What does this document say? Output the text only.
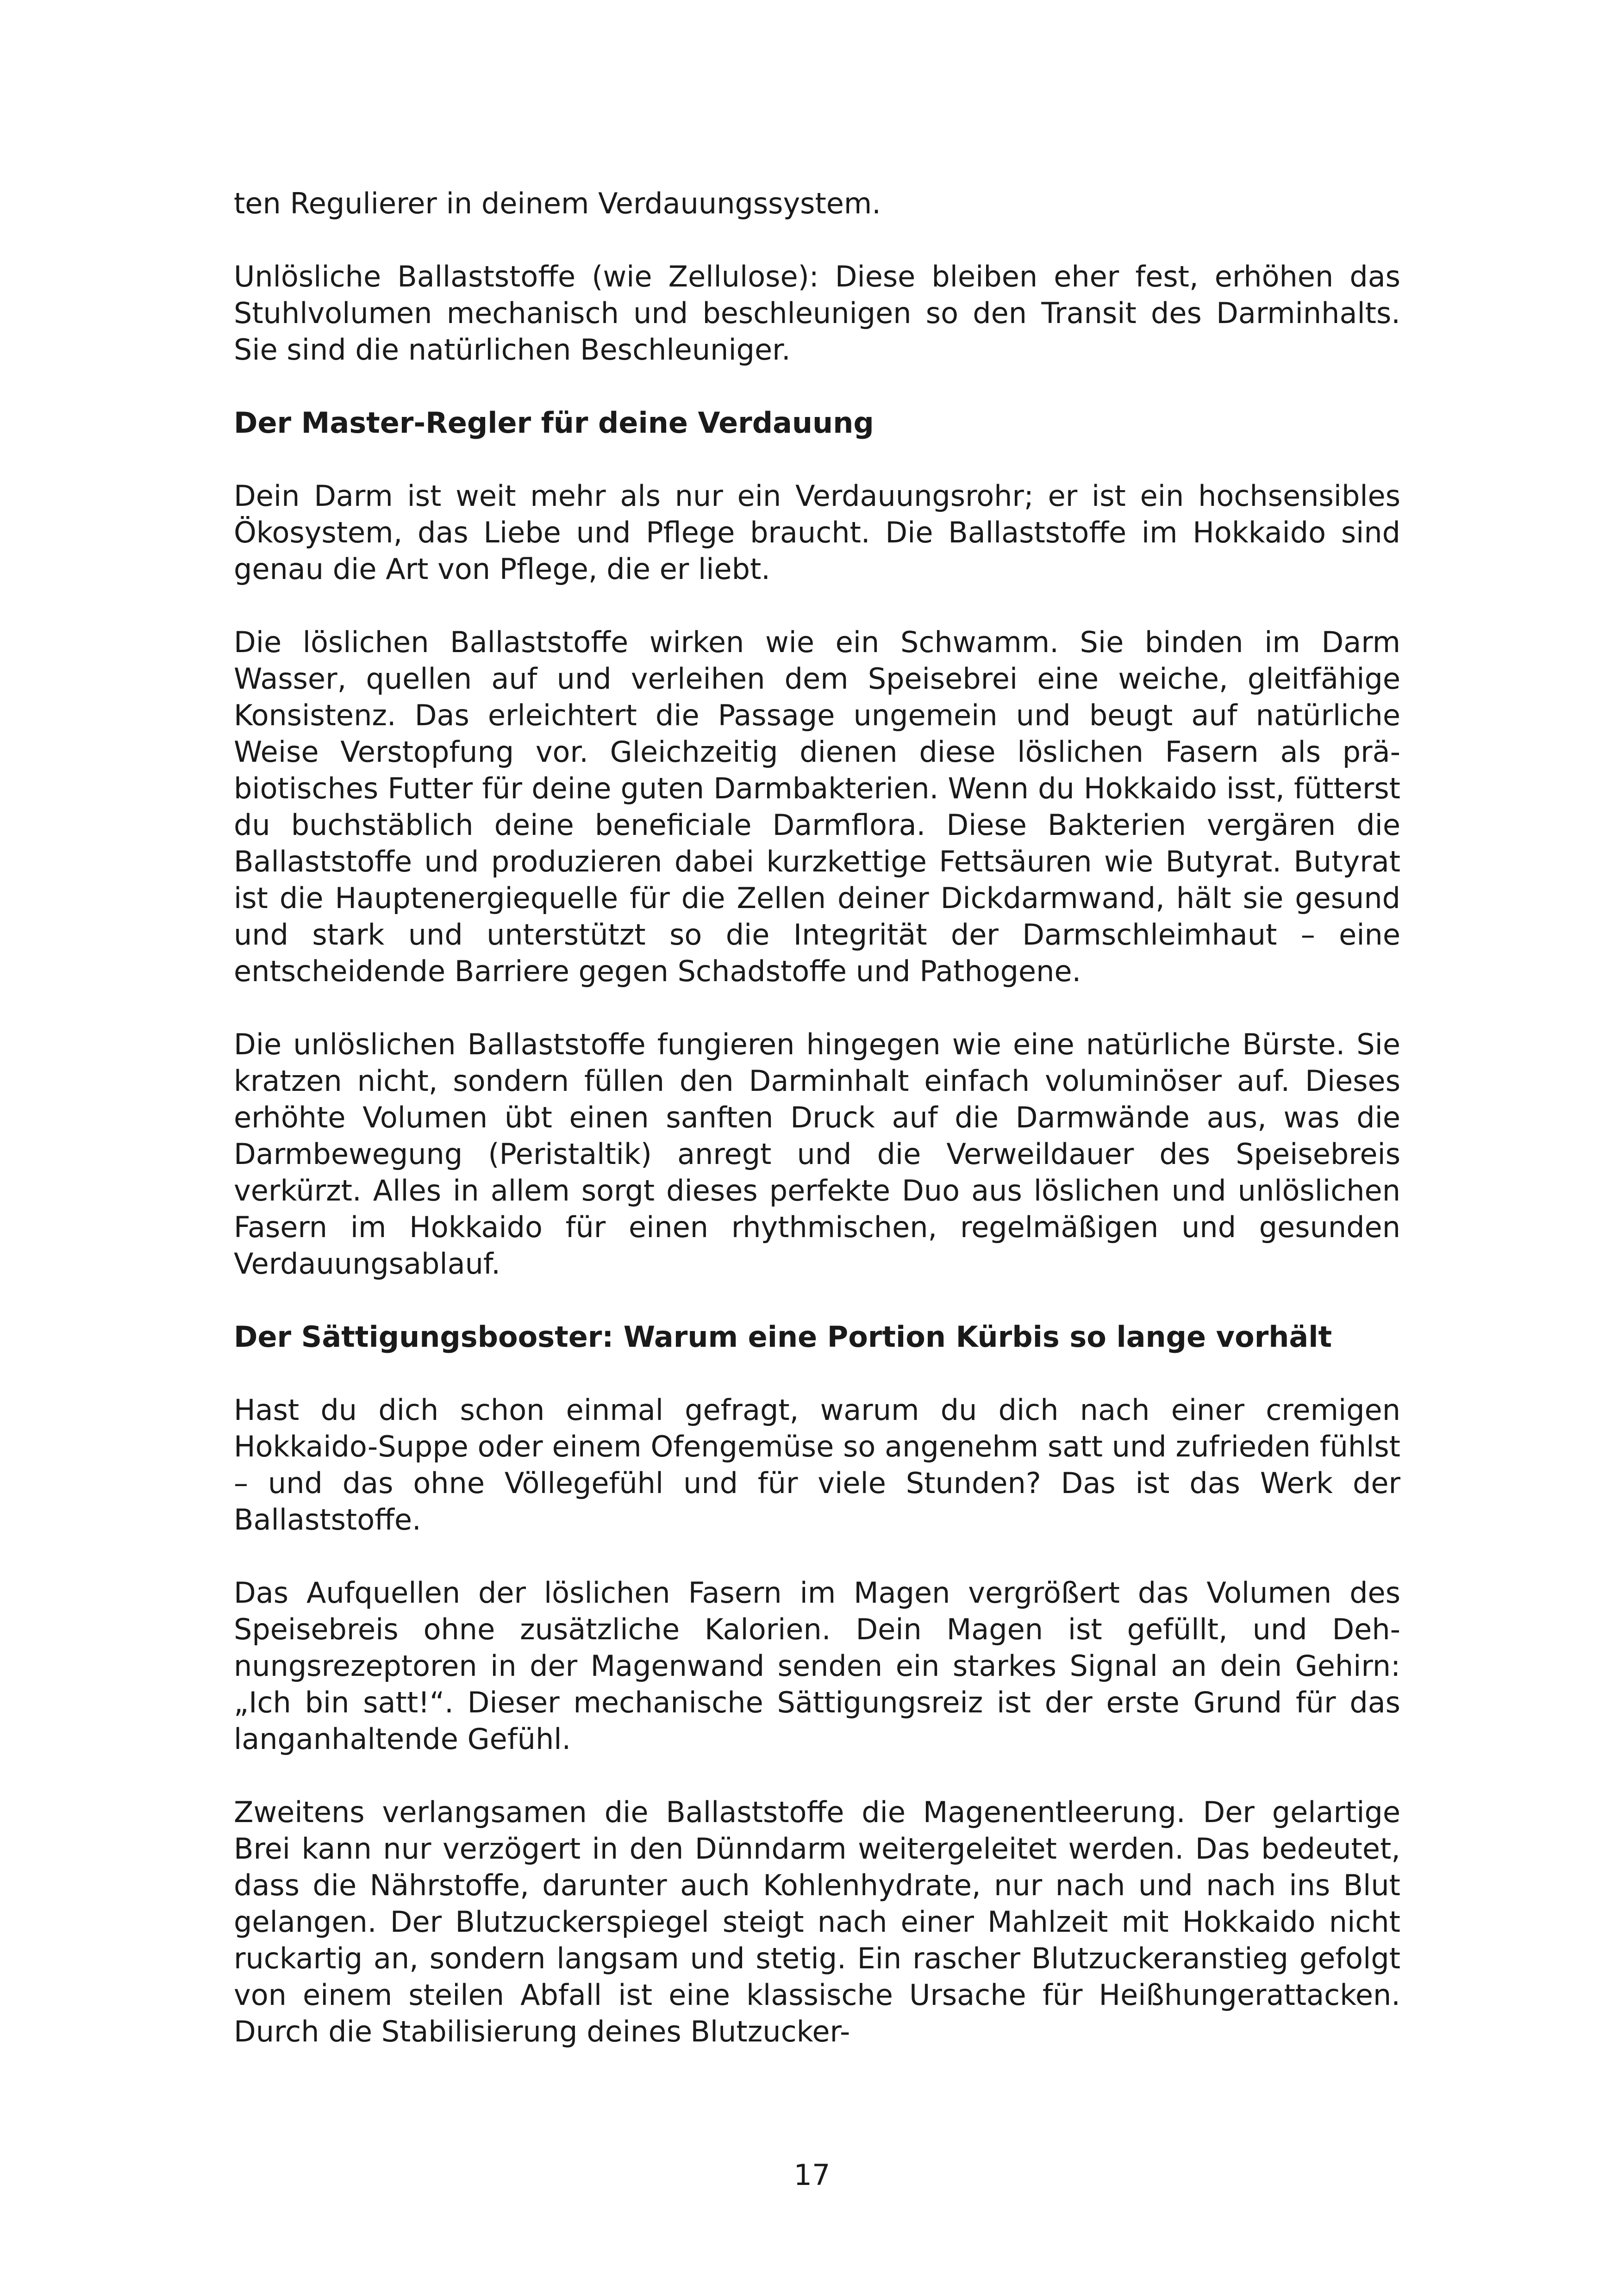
ten Regulierer in deinem Verdauungssystem.

Unlösliche Ballaststoffe (wie Zellulose): Diese bleiben eher fest, erhöhen das Stuhlvolumen mechanisch und beschleunigen so den Transit des Darminhalts. Sie sind die natürlichen Beschleuniger.

Der Master-Regler für deine Verdauung

Dein Darm ist weit mehr als nur ein Verdauungsrohr; er ist ein hochsensibles Ökosystem, das Liebe und Pflege braucht. Die Ballaststoffe im Hokkaido sind genau die Art von Pflege, die er liebt.

Die löslichen Ballaststoffe wirken wie ein Schwamm. Sie binden im Darm Wasser, quellen auf und verleihen dem Speisebrei eine weiche, gleitfähige Konsistenz. Das erleichtert die Passage ungemein und beugt auf natürliche Weise Verstopfung vor. Gleichzeitig dienen diese löslichen Fasern als präbiotisches Futter für deine guten Darmbakterien. Wenn du Hokkaido isst, fütterst du buchstäblich deine beneficiale Darmflora. Diese Bakterien vergären die Ballaststoffe und produzieren dabei kurzkettige Fettsäuren wie Butyrat. Butyrat ist die Hauptenergiequelle für die Zellen deiner Dickdarmwand, hält sie gesund und stark und unterstützt so die Integrität der Darmschleimhaut – eine entscheidende Barriere gegen Schadstoffe und Pathogene.

Die unlöslichen Ballaststoffe fungieren hingegen wie eine natürliche Bürste. Sie kratzen nicht, sondern füllen den Darminhalt einfach voluminöser auf. Dieses erhöhte Volumen übt einen sanften Druck auf die Darmwände aus, was die Darmbewegung (Peristaltik) anregt und die Verweildauer des Speisebreis verkürzt. Alles in allem sorgt dieses perfekte Duo aus löslichen und unlöslichen Fasern im Hokkaido für einen rhythmischen, regelmäßigen und gesunden Verdauungsablauf.

Der Sättigungsbooster: Warum eine Portion Kürbis so lange vorhält

Hast du dich schon einmal gefragt, warum du dich nach einer cremigen Hokkaido-Suppe oder einem Ofengemüse so angenehm satt und zufrieden fühlst – und das ohne Völlegefühl und für viele Stunden? Das ist das Werk der Ballaststoffe.

Das Aufquellen der löslichen Fasern im Magen vergrößert das Volumen des Speisebreis ohne zusätzliche Kalorien. Dein Magen ist gefüllt, und Dehnungsrezeptoren in der Magenwand senden ein starkes Signal an dein Gehirn: „Ich bin satt!“. Dieser mechanische Sättigungsreiz ist der erste Grund für das langanhaltende Gefühl.

Zweitens verlangsamen die Ballaststoffe die Magenentleerung. Der gelartige Brei kann nur verzögert in den Dünndarm weitergeleitet werden. Das bedeutet, dass die Nährstoffe, darunter auch Kohlenhydrate, nur nach und nach ins Blut gelangen. Der Blutzuckerspiegel steigt nach einer Mahlzeit mit Hokkaido nicht ruckartig an, sondern langsam und stetig. Ein rascher Blutzuckeranstieg gefolgt von einem steilen Abfall ist eine klassische Ursache für Heißhungerattacken. Durch die Stabilisierung deines Blutzucker-

17
